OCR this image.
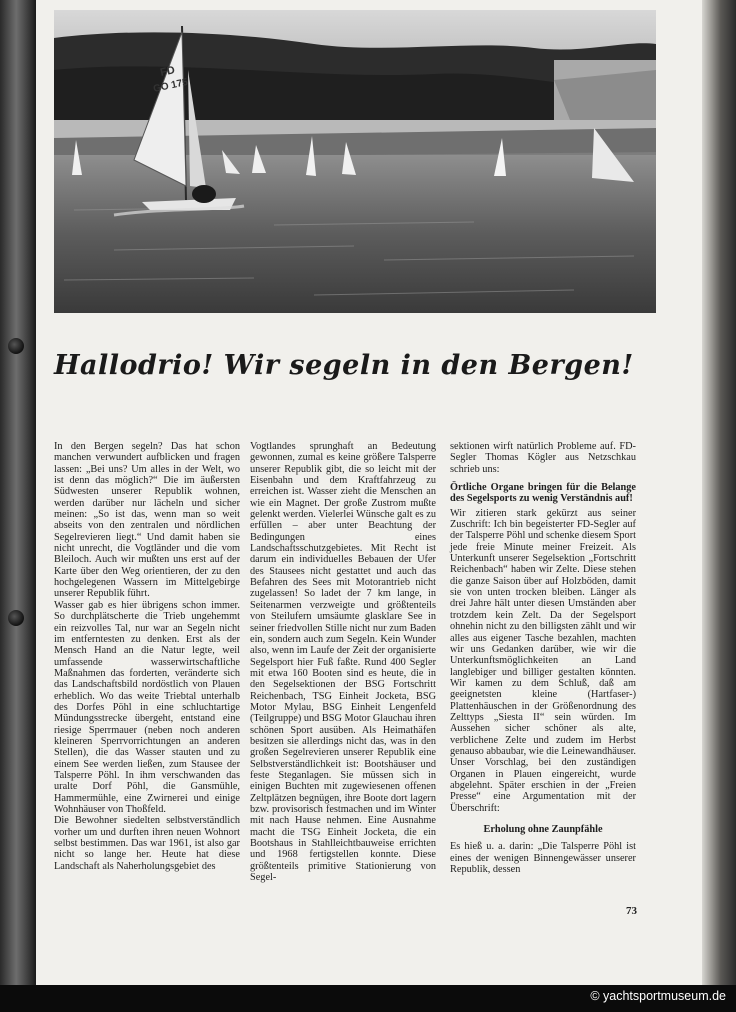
FD
GO 175
Hallodrio! Wir segeln in den Bergen!

In den Bergen segeln? Das hat schon manchen verwundert aufblicken und fragen lassen: „Bei uns? Um alles in der Welt, wo ist denn das möglich?“ Die im äußersten Südwesten unserer Republik wohnen, werden darüber nur lächeln und sicher meinen: „So ist das, wenn man so weit abseits von den zentralen und nördlichen Segelrevieren liegt.“ Und damit haben sie nicht unrecht, die Vogtländer und die vom Bleiloch. Auch wir mußten uns erst auf der Karte über den Weg orientieren, der zu den hochgelegenen Wassern im Mittelgebirge unserer Republik führt.

Wasser gab es hier übrigens schon immer. So durchplätscherte die Trieb ungehemmt ein reizvolles Tal, nur war an Segeln nicht im entferntesten zu denken. Erst als der Mensch Hand an die Natur legte, weil umfassende wasserwirtschaftliche Maßnahmen das forderten, veränderte sich das Landschaftsbild nordöstlich von Plauen erheblich. Wo das weite Triebtal unterhalb des Dorfes Pöhl in eine schluchtartige Mündungsstrecke übergeht, entstand eine riesige Sperrmauer (neben noch anderen kleineren Sperrvorrichtungen an anderen Stellen), die das Wasser stauten und zu einem See werden ließen, zum Stausee der Talsperre Pöhl. In ihm verschwanden das uralte Dorf Pöhl, die Gansmühle, Hammermühle, eine Zwirnerei und einige Wohnhäuser von Thoßfeld.

Die Bewohner siedelten selbstverständlich vorher um und durften ihren neuen Wohnort selbst bestimmen. Das war 1961, ist also gar nicht so lange her. Heute hat diese Landschaft als Naherholungsgebiet des

Vogtlandes sprunghaft an Bedeutung gewonnen, zumal es keine größere Talsperre unserer Republik gibt, die so leicht mit der Eisenbahn und dem Kraftfahrzeug zu erreichen ist. Wasser zieht die Menschen an wie ein Magnet. Der große Zustrom mußte gelenkt werden. Vielerlei Wünsche galt es zu erfüllen – aber unter Beachtung der Bedingungen eines Landschaftsschutzgebietes. Mit Recht ist darum ein individuelles Bebauen der Ufer des Stausees nicht gestattet und auch das Befahren des Sees mit Motorantrieb nicht zugelassen! So ladet der 7 km lange, in Seitenarmen verzweigte und größtenteils von Steilufern umsäumte glasklare See in seiner friedvollen Stille nicht nur zum Baden ein, sondern auch zum Segeln. Kein Wunder also, wenn im Laufe der Zeit der organisierte Segelsport hier Fuß faßte. Rund 400 Segler mit etwa 160 Booten sind es heute, die in den Segelsektionen der BSG Fortschritt Reichenbach, TSG Einheit Jocketa, BSG Motor Mylau, BSG Einheit Lengenfeld (Teilgruppe) und BSG Motor Glauchau ihren schönen Sport ausüben. Als Heimathäfen besitzen sie allerdings nicht das, was in den großen Segelrevieren unserer Republik eine Selbstverständlichkeit ist: Bootshäuser und feste Steganlagen. Sie müssen sich in einigen Buchten mit zugewiesenen offenen Zeltplätzen begnügen, ihre Boote dort lagern bzw. provisorisch festmachen und im Winter mit nach Hause nehmen. Eine Ausnahme macht die TSG Einheit Jocketa, die ein Bootshaus in Stahlleichtbauweise errichten und 1968 fertigstellen konnte. Diese größtenteils primitive Stationierung von Segel-

sektionen wirft natürlich Probleme auf. FD-Segler Thomas Kögler aus Netzschkau schrieb uns:

Örtliche Organe bringen für die Belange des Segelsports zu wenig Verständnis auf!

Wir zitieren stark gekürzt aus seiner Zuschrift: Ich bin begeisterter FD-Segler auf der Talsperre Pöhl und schenke diesem Sport jede freie Minute meiner Freizeit. Als Unterkunft unserer Segelsektion „Fortschritt Reichenbach“ haben wir Zelte. Diese stehen die ganze Saison über auf Holzböden, damit sie von unten trocken bleiben. Länger als drei Jahre hält unter diesen Umständen aber trotzdem kein Zelt. Da der Segelsport ohnehin nicht zu den billigsten zählt und wir alles aus eigener Tasche bezahlen, machten wir uns Gedanken darüber, wie wir die Unterkunftsmöglichkeiten an Land langlebiger und billiger gestalten könnten. Wir kamen zu dem Schluß, daß am geeignetsten kleine (Hartfaser-) Plattenhäuschen in der Größenordnung des Zelttyps „Siesta II“ sein würden. Im Aussehen sicher schöner als alte, verblichene Zelte und zudem im Herbst genauso abbaubar, wie die Leinewandhäuser. Unser Vorschlag, bei den zuständigen Organen in Plauen eingereicht, wurde abgelehnt. Später erschien in der „Freien Presse“ eine Argumentation mit der Überschrift:

Erholung ohne Zaunpfähle

Es hieß u. a. darin: „Die Talsperre Pöhl ist eines der wenigen Binnengewässer unserer Republik, dessen

73
© yachtsportmuseum.de
